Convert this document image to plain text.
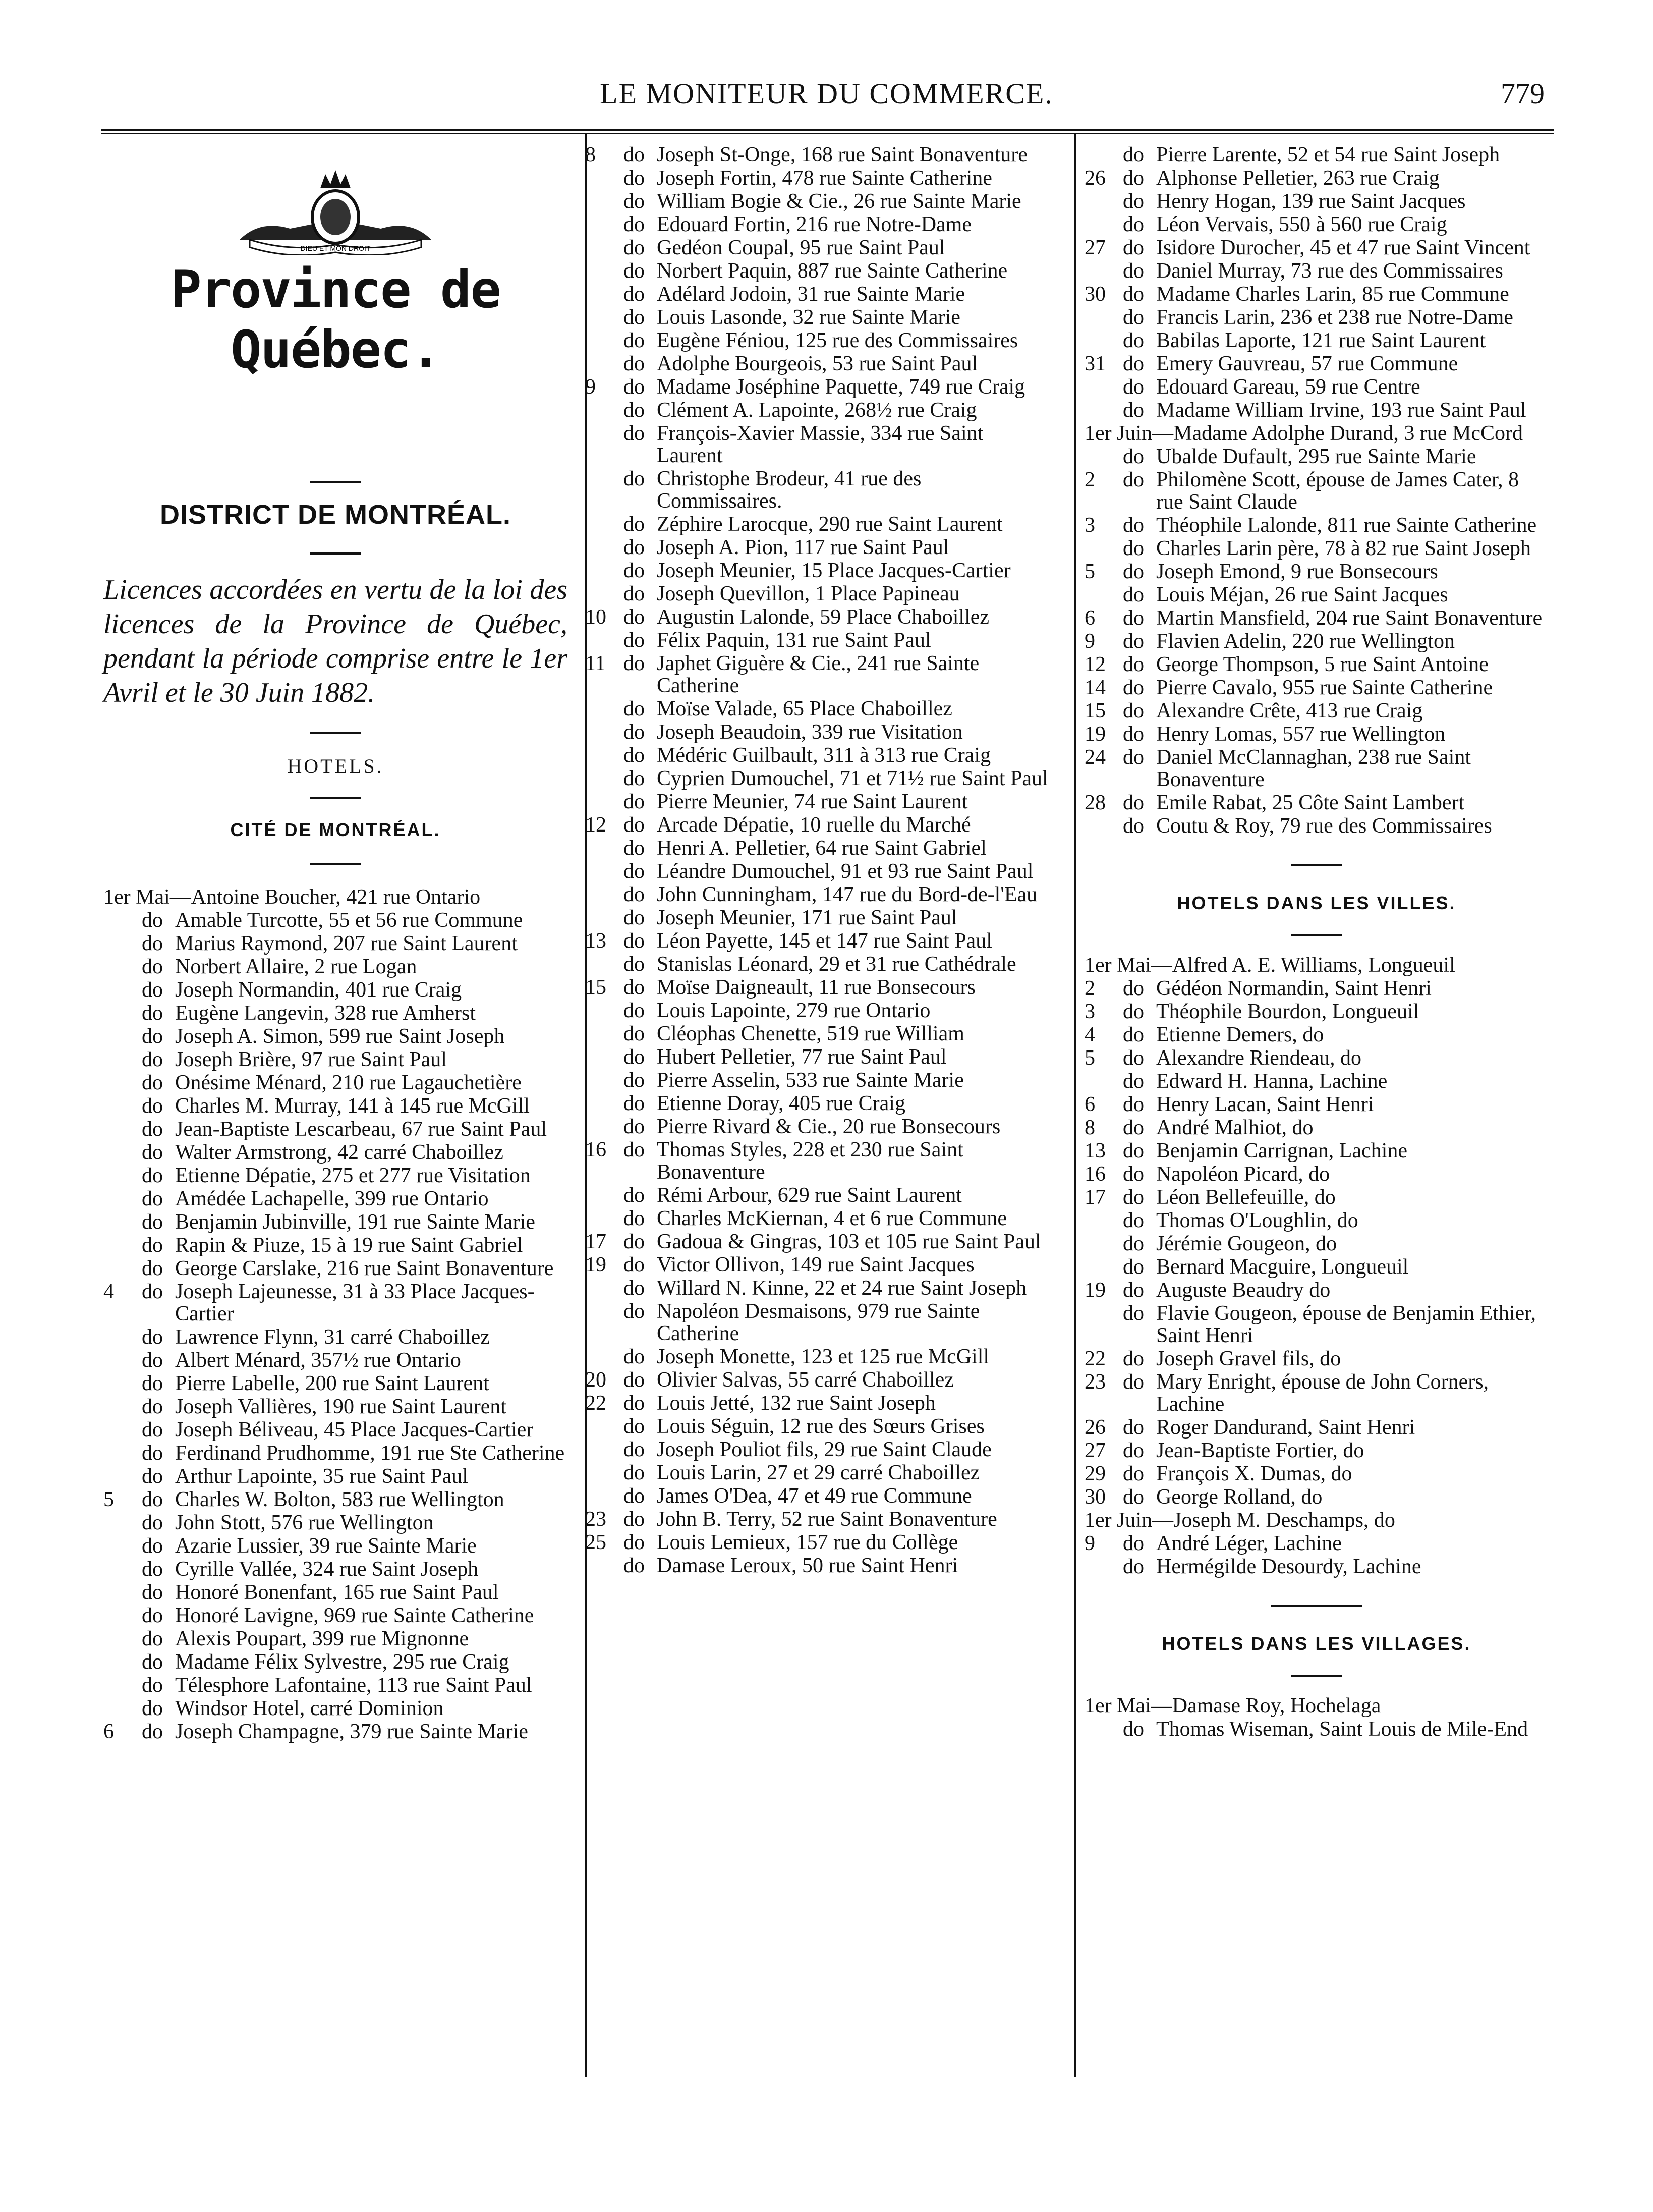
LE MONITEUR DU COMMERCE.	779
DIEU ET MON DROIT
Province de Québec.
DISTRICT DE MONTRÉAL.
Licences accordées en vertu de la loi des licences de la Province de Québec, pendant la période comprise entre le 1er Avril et le 30 Juin 1882.
HOTELS.
CITÉ DE MONTRÉAL.
1er Mai—Antoine Boucher, 421 rue Ontario
do Amable Turcotte, 55 et 56 rue Commune
do Marius Raymond, 207 rue Saint Laurent
do Norbert Allaire, 2 rue Logan
do Joseph Normandin, 401 rue Craig
do Eugène Langevin, 328 rue Amherst
do Joseph A. Simon, 599 rue Saint Joseph
do Joseph Brière, 97 rue Saint Paul
do Onésime Ménard, 210 rue Lagauchetière
do Charles M. Murray, 141 à 145 rue McGill
do Jean-Baptiste Lescarbeau, 67 rue Saint Paul
do Walter Armstrong, 42 carré Chaboillez
do Etienne Dépatie, 275 et 277 rue Visitation
do Amédée Lachapelle, 399 rue Ontario
do Benjamin Jubinville, 191 rue Sainte Marie
do Rapin & Piuze, 15 à 19 rue Saint Gabriel
do George Carslake, 216 rue Saint Bonaventure
4	do Joseph Lajeunesse, 31 à 33 Place Jacques-Cartier
do Lawrence Flynn, 31 carré Chaboillez
do Albert Ménard, 357½ rue Ontario
do Pierre Labelle, 200 rue Saint Laurent
do Joseph Vallières, 190 rue Saint Laurent
do Joseph Béliveau, 45 Place Jacques-Cartier
do Ferdinand Prudhomme, 191 rue Ste Catherine
do Arthur Lapointe, 35 rue Saint Paul
5	do Charles W. Bolton, 583 rue Wellington
do John Stott, 576 rue Wellington
do Azarie Lussier, 39 rue Sainte Marie
do Cyrille Vallée, 324 rue Saint Joseph
do Honoré Bonenfant, 165 rue Saint Paul
do Honoré Lavigne, 969 rue Sainte Catherine
do Alexis Poupart, 399 rue Mignonne
do Madame Félix Sylvestre, 295 rue Craig
do Télesphore Lafontaine, 113 rue Saint Paul
do Windsor Hotel, carré Dominion
6	do Joseph Champagne, 379 rue Sainte Marie
8	do Joseph St-Onge, 168 rue Saint Bonaventure
do Joseph Fortin, 478 rue Sainte Catherine
do William Bogie & Cie., 26 rue Sainte Marie
do Edouard Fortin, 216 rue Notre-Dame
do Gedéon Coupal, 95 rue Saint Paul
do Norbert Paquin, 887 rue Sainte Catherine
do Adélard Jodoin, 31 rue Sainte Marie
do Louis Lasonde, 32 rue Sainte Marie
do Eugène Féniou, 125 rue des Commissaires
do Adolphe Bourgeois, 53 rue Saint Paul
9	do Madame Joséphine Paquette, 749 rue Craig
do Clément A. Lapointe, 268½ rue Craig
do François-Xavier Massie, 334 rue Saint Laurent
do Christophe Brodeur, 41 rue des Commissaires.
do Zéphire Larocque, 290 rue Saint Laurent
do Joseph A. Pion, 117 rue Saint Paul
do Joseph Meunier, 15 Place Jacques-Cartier
do Joseph Quevillon, 1 Place Papineau
10 do Augustin Lalonde, 59 Place Chaboillez
do Félix Paquin, 131 rue Saint Paul
11 do Japhet Giguère & Cie., 241 rue Sainte Catherine
do Moïse Valade, 65 Place Chaboillez
do Joseph Beaudoin, 339 rue Visitation
do Médéric Guilbault, 311 à 313 rue Craig
do Cyprien Dumouchel, 71 et 71½ rue Saint Paul
do Pierre Meunier, 74 rue Saint Laurent
12 do Arcade Dépatie, 10 ruelle du Marché
do Henri A. Pelletier, 64 rue Saint Gabriel
do Léandre Dumouchel, 91 et 93 rue Saint Paul
do John Cunningham, 147 rue du Bord-de-l'Eau
do Joseph Meunier, 171 rue Saint Paul
13 do Léon Payette, 145 et 147 rue Saint Paul
do Stanislas Léonard, 29 et 31 rue Cathédrale
15 do Moïse Daigneault, 11 rue Bonsecours
do Louis Lapointe, 279 rue Ontario
do Cléophas Chenette, 519 rue William
do Hubert Pelletier, 77 rue Saint Paul
do Pierre Asselin, 533 rue Sainte Marie
do Etienne Doray, 405 rue Craig
do Pierre Rivard & Cie., 20 rue Bonsecours
16 do Thomas Styles, 228 et 230 rue Saint Bonaventure
do Rémi Arbour, 629 rue Saint Laurent
do Charles McKiernan, 4 et 6 rue Commune
17 do Gadoua & Gingras, 103 et 105 rue Saint Paul
19 do Victor Ollivon, 149 rue Saint Jacques
do Willard N. Kinne, 22 et 24 rue Saint Joseph
do Napoléon Desmaisons, 979 rue Sainte Catherine
do Joseph Monette, 123 et 125 rue McGill
20 do Olivier Salvas, 55 carré Chaboillez
22 do Louis Jetté, 132 rue Saint Joseph
do Louis Séguin, 12 rue des Sœurs Grises
do Joseph Pouliot fils, 29 rue Saint Claude
do Louis Larin, 27 et 29 carré Chaboillez
do James O'Dea, 47 et 49 rue Commune
23 do John B. Terry, 52 rue Saint Bonaventure
25 do Louis Lemieux, 157 rue du Collège
do Damase Leroux, 50 rue Saint Henri
do Pierre Larente, 52 et 54 rue Saint Joseph
26 do Alphonse Pelletier, 263 rue Craig
do Henry Hogan, 139 rue Saint Jacques
do Léon Vervais, 550 à 560 rue Craig
27 do Isidore Durocher, 45 et 47 rue Saint Vincent
do Daniel Murray, 73 rue des Commissaires
30 do Madame Charles Larin, 85 rue Commune
do Francis Larin, 236 et 238 rue Notre-Dame
do Babilas Laporte, 121 rue Saint Laurent
31 do Emery Gauvreau, 57 rue Commune
do Edouard Gareau, 59 rue Centre
do Madame William Irvine, 193 rue Saint Paul
1er Juin—Madame Adolphe Durand, 3 rue McCord
do Ubalde Dufault, 295 rue Sainte Marie
2	do Philomène Scott, épouse de James Cater, 8 rue Saint Claude
3	do Théophile Lalonde, 811 rue Sainte Catherine
do Charles Larin père, 78 à 82 rue Saint Joseph
5	do Joseph Emond, 9 rue Bonsecours
do Louis Méjan, 26 rue Saint Jacques
6	do Martin Mansfield, 204 rue Saint Bonaventure
9	do Flavien Adelin, 220 rue Wellington
12 do George Thompson, 5 rue Saint Antoine
14 do Pierre Cavalo, 955 rue Sainte Catherine
15 do Alexandre Crête, 413 rue Craig
19 do Henry Lomas, 557 rue Wellington
24 do Daniel McClannaghan, 238 rue Saint Bonaventure
28 do Emile Rabat, 25 Côte Saint Lambert
do Coutu & Roy, 79 rue des Commissaires
HOTELS DANS LES VILLES.
1er Mai—Alfred A. E. Williams, Longueuil
2	do Gédéon Normandin, Saint Henri
3	do Théophile Bourdon, Longueuil
4	do Etienne Demers, do
5	do Alexandre Riendeau, do
do Edward H. Hanna, Lachine
6	do Henry Lacan, Saint Henri
8	do André Malhiot, do
13 do Benjamin Carrignan, Lachine
16 do Napoléon Picard, do
17 do Léon Bellefeuille, do
do Thomas O'Loughlin, do
do Jérémie Gougeon, do
do Bernard Macguire, Longueuil
19 do Auguste Beaudry do
do Flavie Gougeon, épouse de Benjamin Ethier, Saint Henri
22 do Joseph Gravel fils, do
23 do Mary Enright, épouse de John Corners, Lachine
26 do Roger Dandurand, Saint Henri
27 do Jean-Baptiste Fortier, do
29 do François X. Dumas, do
30 do George Rolland, do
1er Juin—Joseph M. Deschamps, do
9	do André Léger, Lachine
do Hermégilde Desourdy, Lachine
HOTELS DANS LES VILLAGES.
1er Mai—Damase Roy, Hochelaga
do Thomas Wiseman, Saint Louis de Mile-End
